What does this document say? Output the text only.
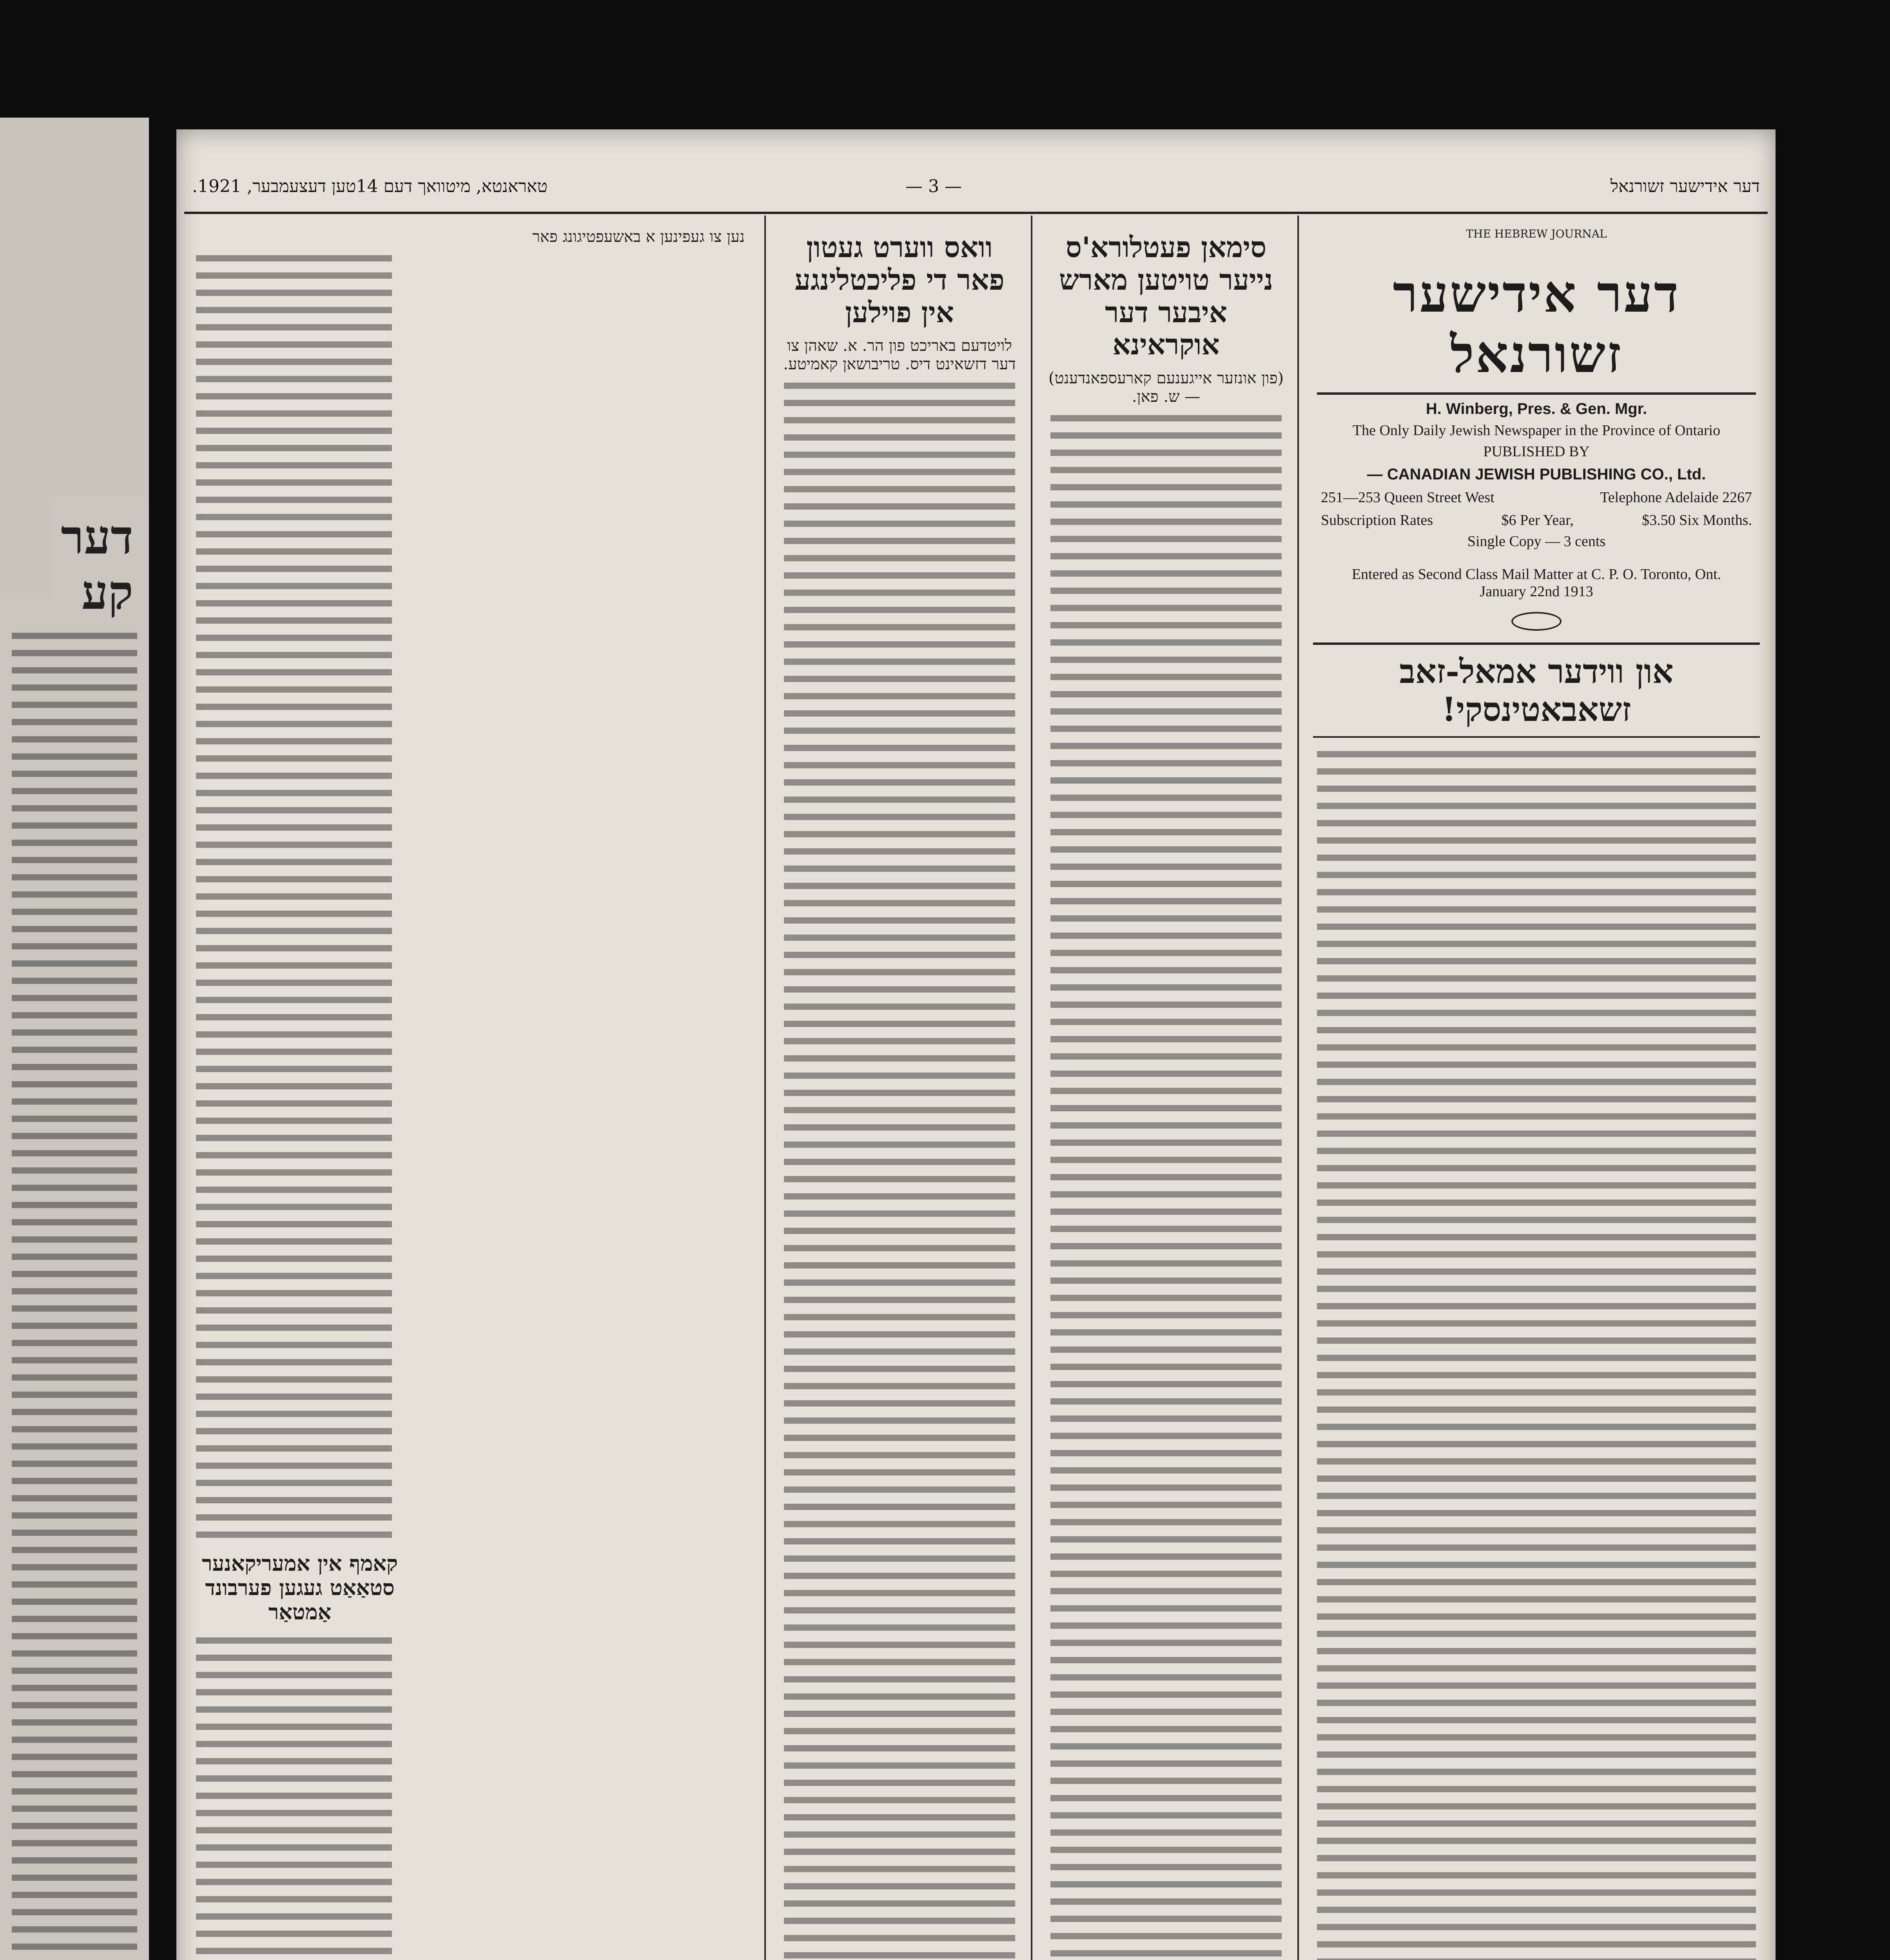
דער קע
טאראנטא, מיטוואך דעם 14טען דעצעמבער, 1921.	— 3 —	דער אידישער זשורנאל
THE HEBREW JOURNAL
דער אידישער זשורנאל
H. Winberg, Pres. & Gen. Mgr.
The Only Daily Jewish Newspaper in the Province of Ontario
PUBLISHED BY
— CANADIAN JEWISH PUBLISHING CO., Ltd.
251—253 Queen Street West	Telephone Adelaide 2267
Subscription Rates	$6 Per Year,	$3.50 Six Months.
Single Copy — 3 cents
Entered as Second Class Mail Matter at C. P. O. Toronto, Ont. January 22nd 1913
און ווידער אמאל-זאב זשאבאטינסקי!
סימאן פעטלורא'ס נייער טויטען מארש איבער דער אוקראינא
(פון אונזער אייגענעם קארעספאנדענט) — ש. פאן.
וואס ווערט געטון פאר די פליכטלינגע אין פוילען
לויטדעם באריכט פון הר. א. שאהן צו דער דזשאינט דיס. טריבושאן קאמיטע.
נען צו געפינען א באשעפטיגונג פאר
קאמף אין אמעריקאנער סטאַאַט געגען פערבונד אַמטאַר
